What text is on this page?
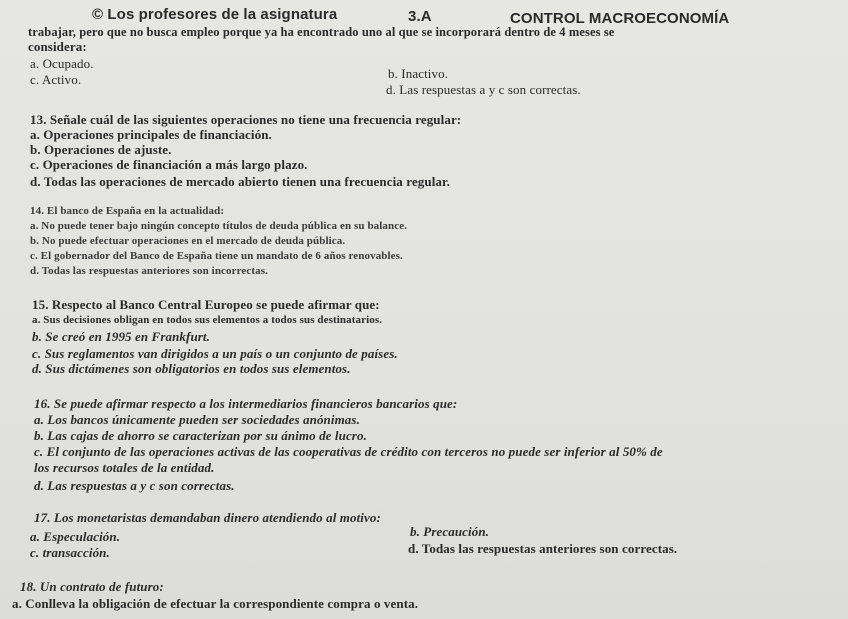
© Los profesores de la asignatura	3.A	CONTROL MACROECONOMÍA
trabajar, pero que no busca empleo porque ya ha encontrado uno al que se incorporará dentro de 4 meses se
considera:
a. Ocupado.
b. Inactivo.
c. Activo.
d. Las respuestas a y c son correctas.
13. Señale cuál de las siguientes operaciones no tiene una frecuencia regular:
a. Operaciones principales de financiación.
b. Operaciones de ajuste.
c. Operaciones de financiación a más largo plazo.
d. Todas las operaciones de mercado abierto tienen una frecuencia regular.
14. El banco de España en la actualidad:
a. No puede tener bajo ningún concepto títulos de deuda pública en su balance.
b. No puede efectuar operaciones en el mercado de deuda pública.
c. El gobernador del Banco de España tiene un mandato de 6 años renovables.
d. Todas las respuestas anteriores son incorrectas.
15. Respecto al Banco Central Europeo se puede afirmar que:
a. Sus decisiones obligan en todos sus elementos a todos sus destinatarios.
b. Se creó en 1995 en Frankfurt.
c. Sus reglamentos van dirigidos a un país o un conjunto de países.
d. Sus dictámenes son obligatorios en todos sus elementos.
16. Se puede afirmar respecto a los intermediarios financieros bancarios que:
a. Los bancos únicamente pueden ser sociedades anónimas.
b. Las cajas de ahorro se caracterizan por su ánimo de lucro.
c. El conjunto de las operaciones activas de las cooperativas de crédito con terceros no puede ser inferior al 50% de
los recursos totales de la entidad.
d. Las respuestas a y c son correctas.
17. Los monetaristas demandaban dinero atendiendo al motivo:
b. Precaución.
a. Especulación.
d. Todas las respuestas anteriores son correctas.
c. transacción.
18. Un contrato de futuro:
a. Conlleva la obligación de efectuar la correspondiente compra o venta.
